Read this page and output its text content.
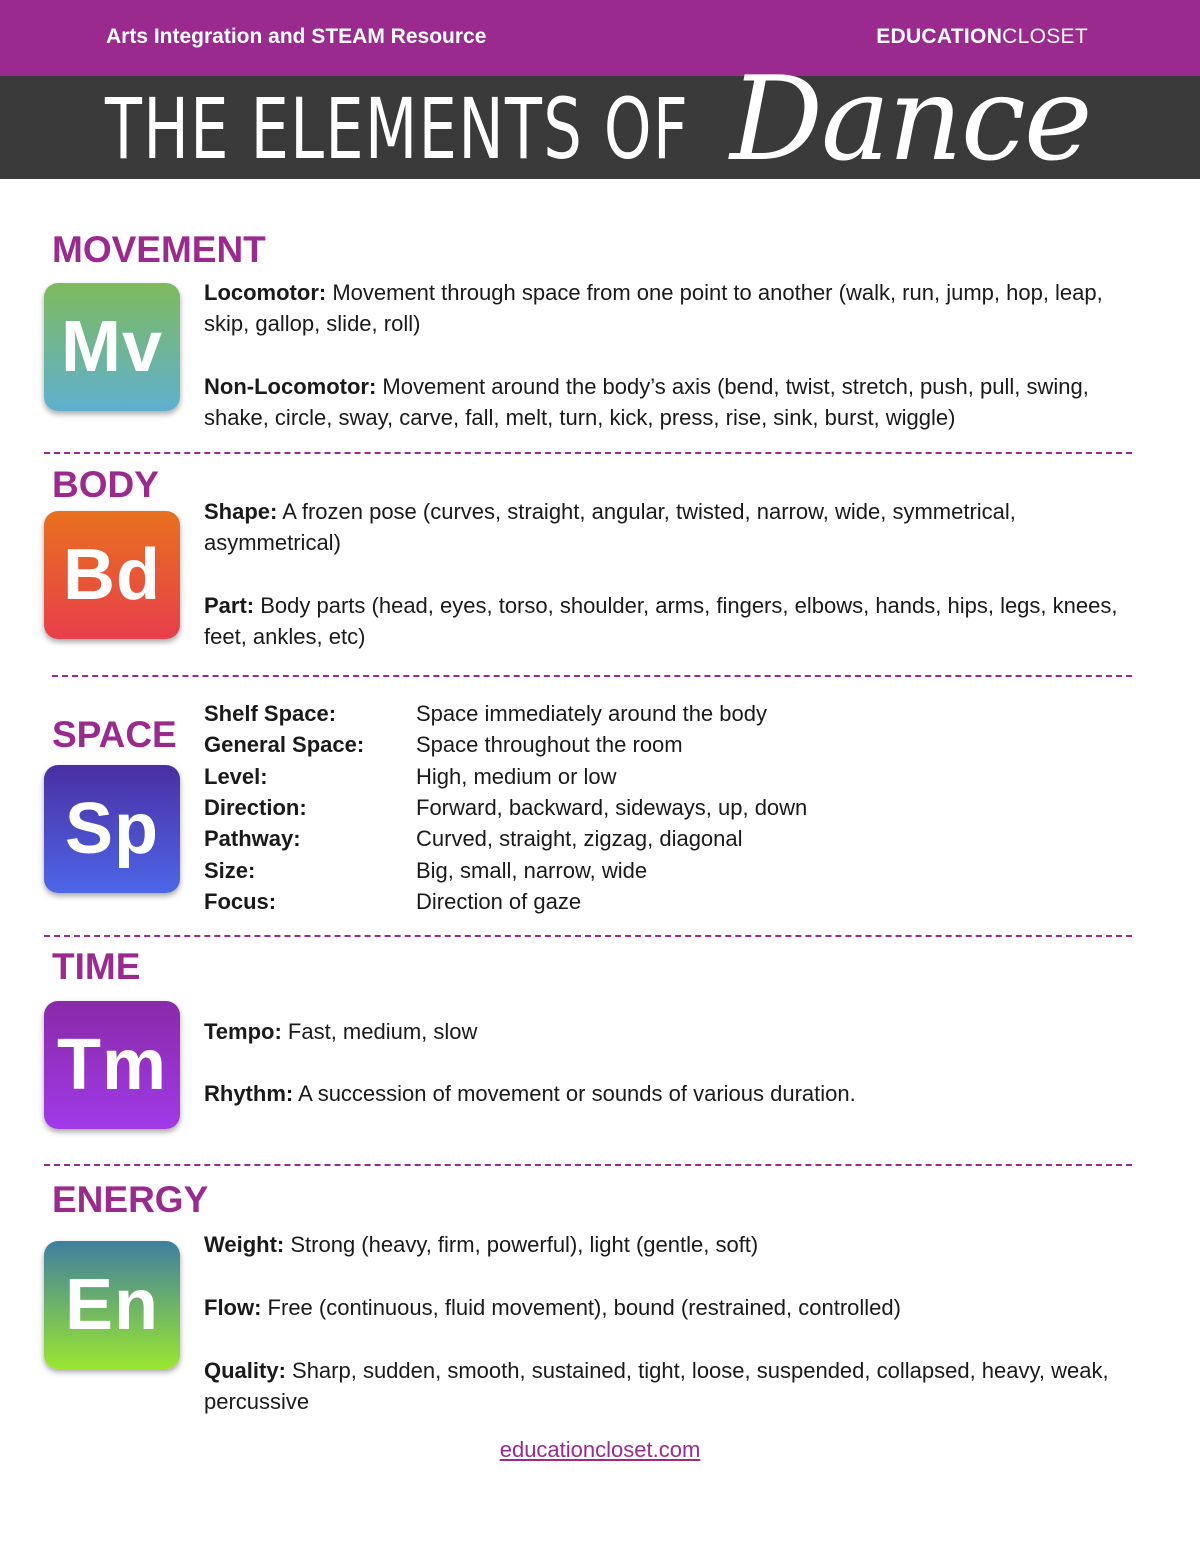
Arts Integration and STEAM Resource	EDUCATIONCLOSET
THE ELEMENTS OF Dance
MOVEMENT
Mv
Locomotor: Movement through space from one point to another (walk, run, jump, hop, leap, skip, gallop, slide, roll)
Non-Locomotor: Movement around the body’s axis (bend, twist, stretch, push, pull, swing, shake, circle, sway, carve, fall, melt, turn, kick, press, rise, sink, burst, wiggle)
BODY
Bd
Shape: A frozen pose (curves, straight, angular, twisted, narrow, wide, symmetrical, asymmetrical)
Part: Body parts (head, eyes, torso, shoulder, arms, fingers, elbows, hands, hips, legs, knees, feet, ankles, etc)
SPACE
Sp
Shelf Space:	Space immediately around the body
General Space: Space throughout the room
Level:	High, medium or low
Direction:	Forward, backward, sideways, up, down
Pathway:	Curved, straight, zigzag, diagonal
Size:	Big, small, narrow, wide
Focus:	Direction of gaze
TIME
Tm	Tempo: Fast, medium, slow
Rhythm: A succession of movement or sounds of various duration.
ENERGY
En
Weight: Strong (heavy, firm, powerful), light (gentle, soft)
Flow: Free (continuous, fluid movement), bound (restrained, controlled)
Quality: Sharp, sudden, smooth, sustained, tight, loose, suspended, collapsed, heavy, weak, percussive
educationcloset.com
